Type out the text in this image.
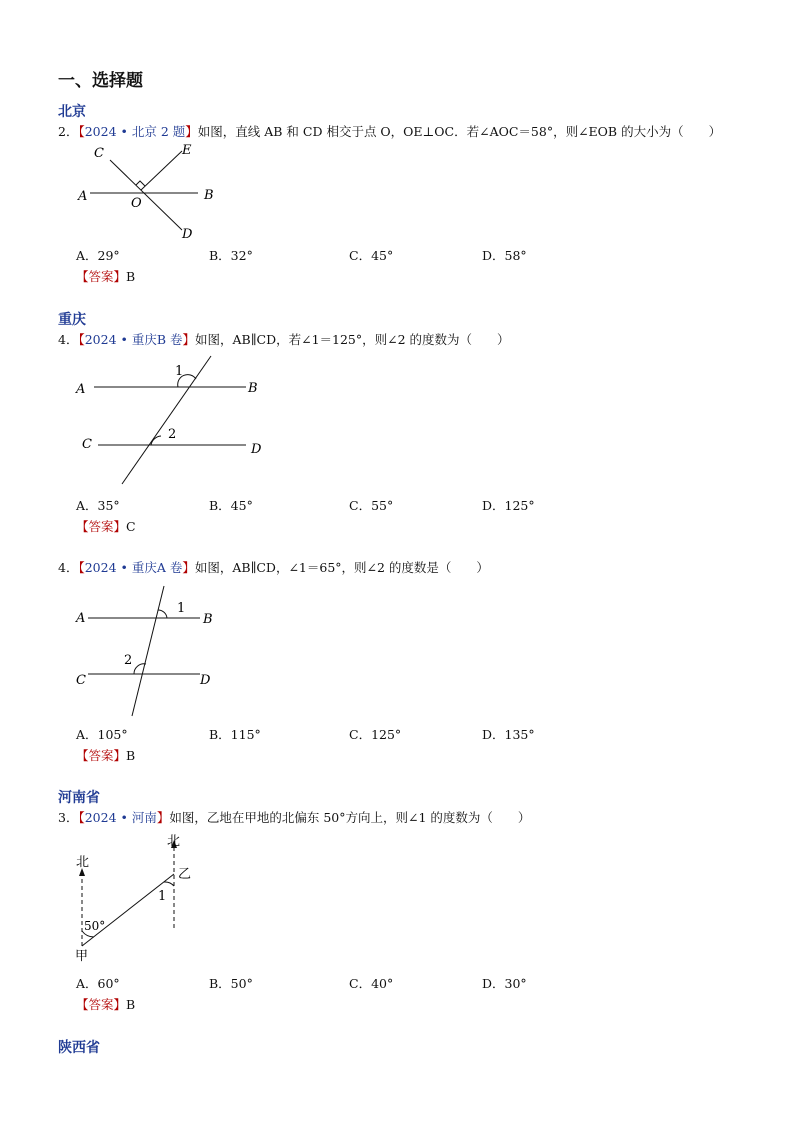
一、选择题
北京
2．【2024 • 北京 2 题】如图，直线 AB 和 CD 相交于点 O，OE⊥OC．若∠AOC＝58°，则∠EOB 的大小为（　　）
A	B
C
D
E
O
A．29°	B．32°	C．45°	D．58°
【答案】B
重庆
4．【2024 • 重庆B 卷】如图，AB∥CD，若∠1＝125°，则∠2 的度数为（　　）
A	B
C	D
1
2
A．35°	B．45°	C．55°	D．125°
【答案】C
4．【2024 • 重庆A 卷】如图，AB∥CD，∠1＝65°，则∠2 的度数是（　　）
A	B
C	D
1
2
A．105°	B．115°	C．125°	D．135°
【答案】B
河南省
3．【2024 • 河南】如图，乙地在甲地的北偏东 50°方向上，则∠1 的度数为（　　）
北
北
乙
甲
50°
1
A．60°	B．50°	C．40°	D．30°
【答案】B
陕西省
